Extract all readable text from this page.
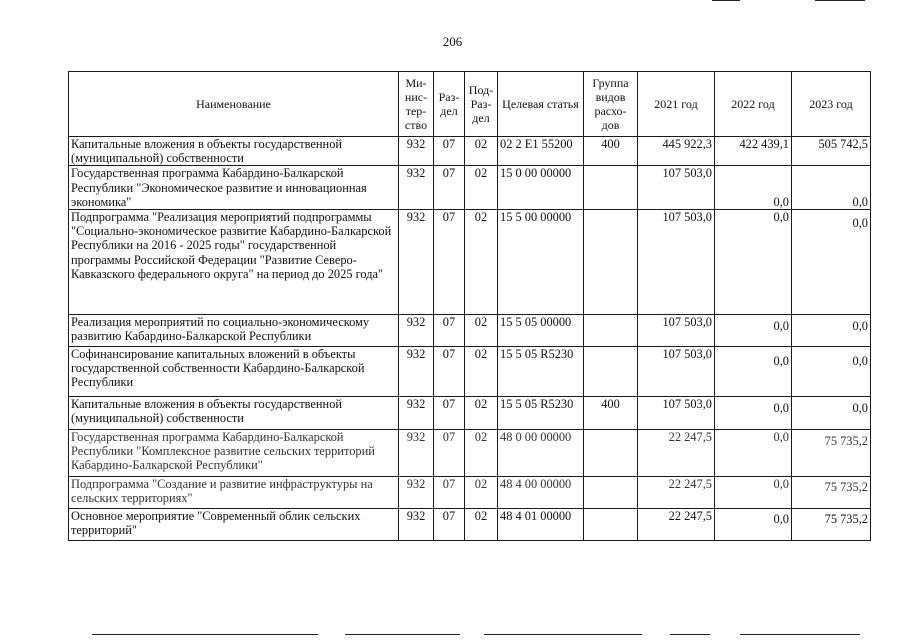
206
Наименование	Ми-нис-тер-ство	Раз-дел	Под-Раз-дел	Целевая статья	Группа видов расхо-дов	2021 год	2022 год	2023 год
Капитальные вложения в объекты государственной (муниципальной) собственности	932	07	02	02 2 E1 55200	400	445 922,3	422 439,1	505 742,5
Государственная программа Кабардино-Балкарской Республики "Экономическое развитие и инновационная экономика"	932	07	02	15 0 00 00000		107 503,0	0,0	0,0
Подпрограмма "Реализация мероприятий подпрограммы "Социально-экономическое развитие Кабардино-Балкарской Республики на 2016 - 2025 годы" государственной программы Российской Федерации "Развитие Северо-Кавказского федерального округа" на период до 2025 года"	932	07	02	15 5 00 00000		107 503,0	0,0	0,0
Реализация мероприятий по социально-экономическому развитию Кабардино-Балкарской Республики	932	07	02	15 5 05 00000		107 503,0	0,0	0,0
Софинансирование капитальных вложений в объекты государственной собственности Кабардино-Балкарской Республики	932	07	02	15 5 05 R5230		107 503,0	0,0	0,0
Капитальные вложения в объекты государственной (муниципальной) собственности	932	07	02	15 5 05 R5230	400	107 503,0	0,0	0,0
Государственная программа Кабардино-Балкарской Республики "Комплексное развитие сельских территорий Кабардино-Балкарской Республики"	932	07	02	48 0 00 00000		22 247,5	0,0	75 735,2
Подпрограмма "Создание и развитие инфраструктуры на сельских территориях"	932	07	02	48 4 00 00000		22 247,5	0,0	75 735,2
Основное мероприятие "Современный облик сельских территорий"	932	07	02	48 4 01 00000		22 247,5	0,0	75 735,2
